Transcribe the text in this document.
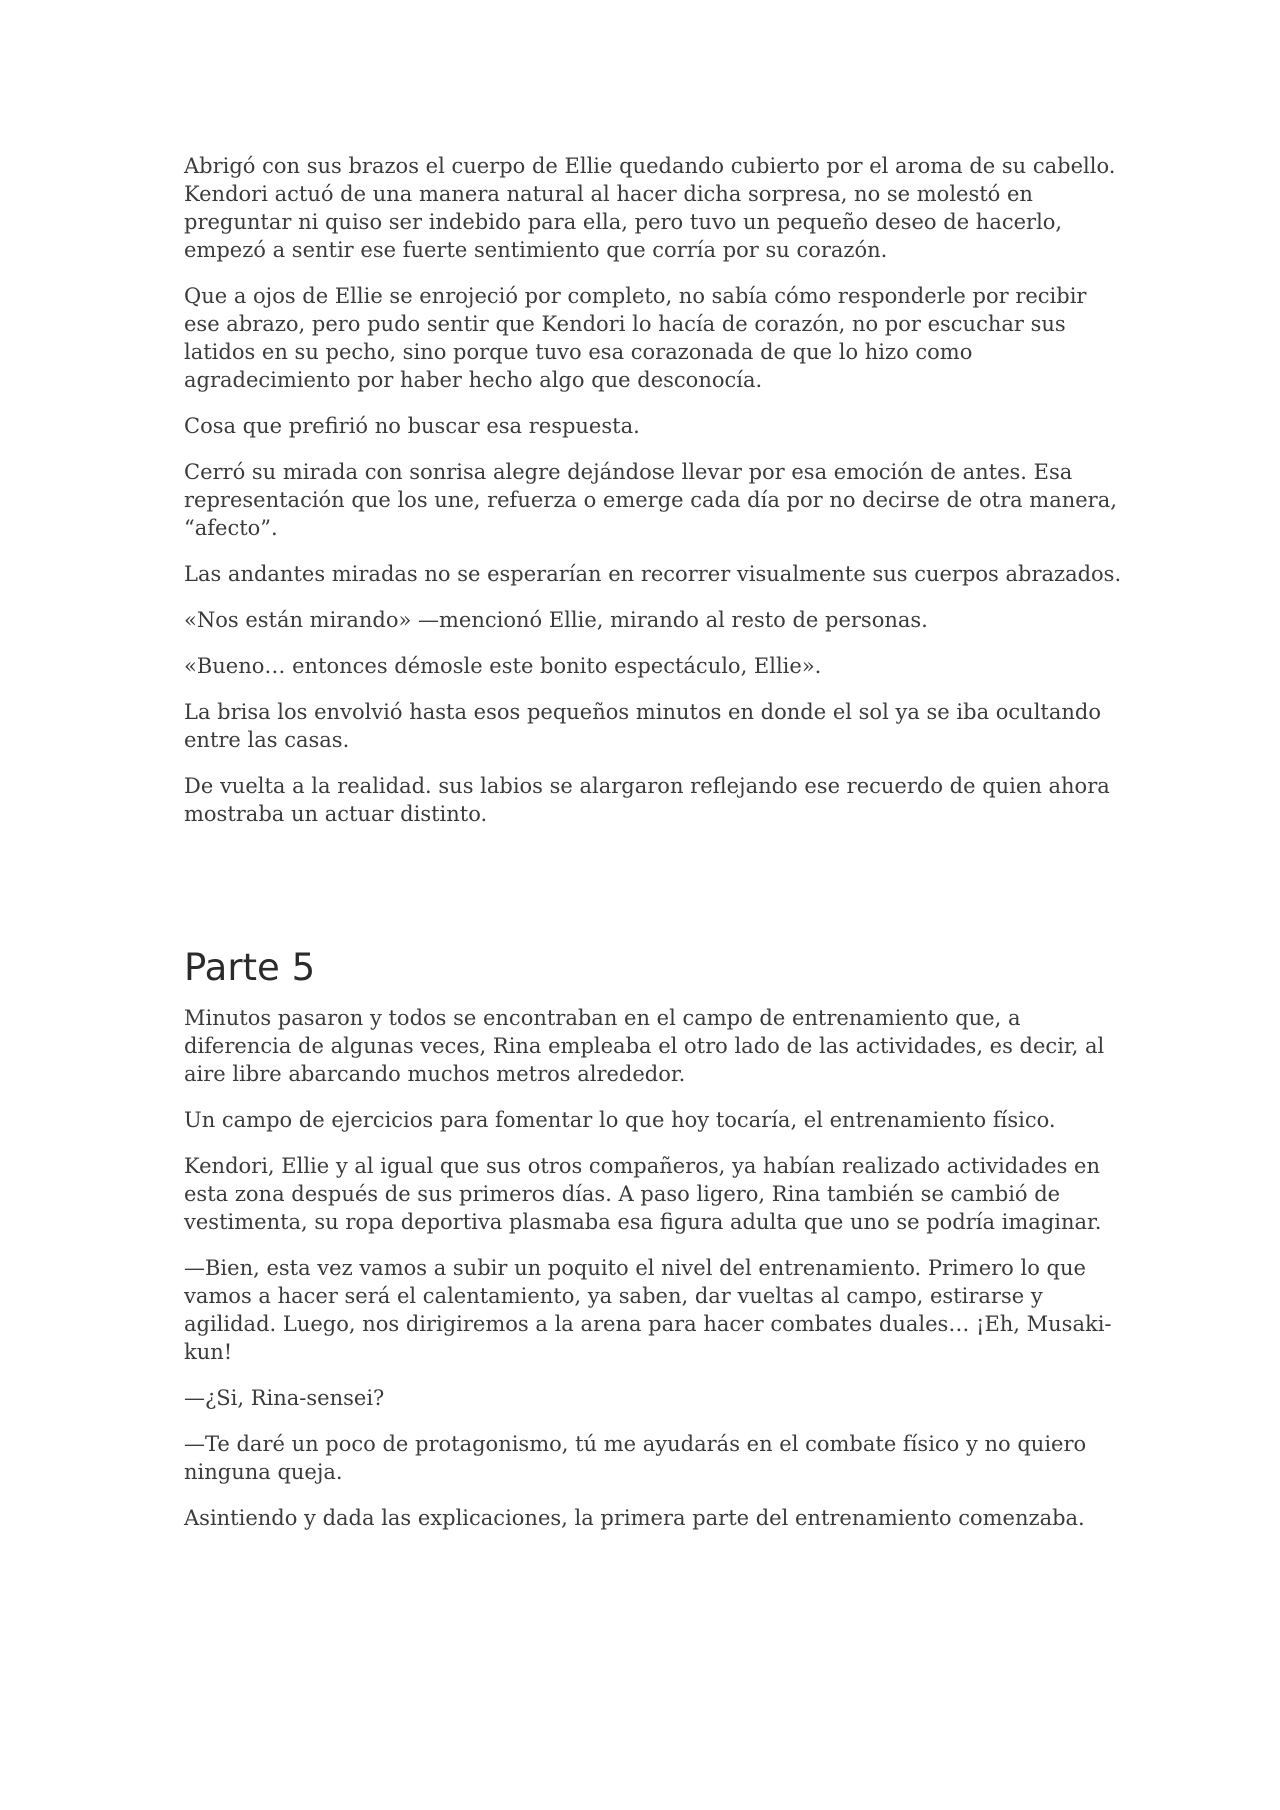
Abrigó con sus brazos el cuerpo de Ellie quedando cubierto por el aroma de su cabello. Kendori actuó de una manera natural al hacer dicha sorpresa, no se molestó en preguntar ni quiso ser indebido para ella, pero tuvo un pequeño deseo de hacerlo, empezó a sentir ese fuerte sentimiento que corría por su corazón.

Que a ojos de Ellie se enrojeció por completo, no sabía cómo responderle por recibir ese abrazo, pero pudo sentir que Kendori lo hacía de corazón, no por escuchar sus latidos en su pecho, sino porque tuvo esa corazonada de que lo hizo como agradecimiento por haber hecho algo que desconocía.

Cosa que prefirió no buscar esa respuesta.

Cerró su mirada con sonrisa alegre dejándose llevar por esa emoción de antes. Esa representación que los une, refuerza o emerge cada día por no decirse de otra manera, “afecto”.

Las andantes miradas no se esperarían en recorrer visualmente sus cuerpos abrazados.

«Nos están mirando» —mencionó Ellie, mirando al resto de personas.

«Bueno… entonces démosle este bonito espectáculo, Ellie».

La brisa los envolvió hasta esos pequeños minutos en donde el sol ya se iba ocultando entre las casas.

De vuelta a la realidad. sus labios se alargaron reflejando ese recuerdo de quien ahora mostraba un actuar distinto.

Parte 5

Minutos pasaron y todos se encontraban en el campo de entrenamiento que, a diferencia de algunas veces, Rina empleaba el otro lado de las actividades, es decir, al aire libre abarcando muchos metros alrededor.

Un campo de ejercicios para fomentar lo que hoy tocaría, el entrenamiento físico.

Kendori, Ellie y al igual que sus otros compañeros, ya habían realizado actividades en esta zona después de sus primeros días. A paso ligero, Rina también se cambió de vestimenta, su ropa deportiva plasmaba esa figura adulta que uno se podría imaginar.

—Bien, esta vez vamos a subir un poquito el nivel del entrenamiento. Primero lo que vamos a hacer será el calentamiento, ya saben, dar vueltas al campo, estirarse y agilidad. Luego, nos dirigiremos a la arena para hacer combates duales… ¡Eh, Musaki-kun!

—¿Si, Rina-sensei?

—Te daré un poco de protagonismo, tú me ayudarás en el combate físico y no quiero ninguna queja.

Asintiendo y dada las explicaciones, la primera parte del entrenamiento comenzaba.
